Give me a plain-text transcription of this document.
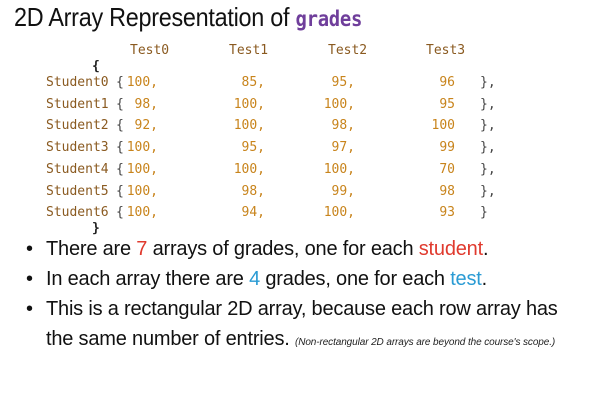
2D Array Representation of grades
Test0	Test1	Test2	Test3
{
Student0 { 100,	85,	95,	96 },
Student1 { 98,	100,	100,	95 },
Student2 { 92,	100,	98,	100 },
Student3 { 100,	95,	97,	99 },
Student4 { 100,	100,	100,	70 },
Student5 { 100,	98,	99,	98 },
Student6 { 100,	94,	100,	93 }
}
• There are 7 arrays of grades, one for each student.
• In each array there are 4 grades, one for each test.
• This is a rectangular 2D array, because each row array has
the same number of entries. (Non-rectangular 2D arrays are beyond the course's scope.)
